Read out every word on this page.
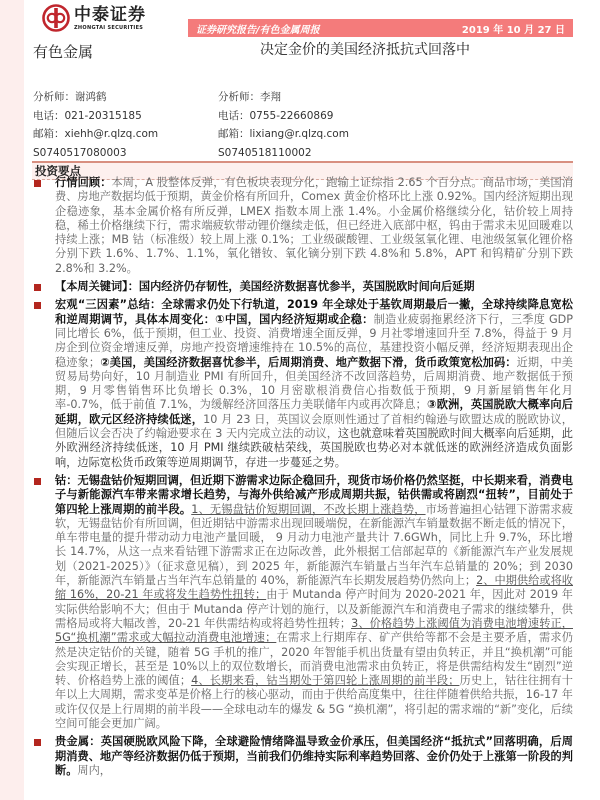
中泰证券
ZHONGTAI SECURITIES	证券研究报告/有色金属周报	2019 年 10 月 27 日
有色金属	决定金价的美国经济抵抗式回落中
分析师：谢鸿鹤	分析师：李翔
电话：021-20315185	电话：0755-22660869
邮箱：xiehh@r.qlzq.com	邮箱：lixiang@r.qlzq.com
S0740517080003	S0740518110002
投资要点
行情回顾：本周，A 股整体反弹，有色板块表现分化，跑输上证综指 2.65 个百分点。商品市场，美国消费、房地产数据均低于预期，黄金价格有所回升，Comex 黄金价格环比上涨 0.92%。国内经济短期出现企稳迹象，基本金属价格有所反弹，LMEX 指数本周上涨 1.4%。小金属价格继续分化，钴价较上周持稳，稀土价格继续下行，需求端疲软带动锂价继续走低，但已经进入底部中枢，钨由于需求未见回暖难以持续上涨；MB 钴（标准级）较上周上涨 0.1%；工业级碳酸锂、工业级氢氧化锂、电池级氢氧化锂价格分别下跌 1.6%、1.7%、1.1%，氧化镨钕、氧化镝分别下跌 4.8%和 5.8%，APT 和钨精矿分别下跌 2.8%和 3.2%。
【本周关键词】：国内经济仍存韧性，美国经济数据喜忧参半，英国脱欧时间向后延期
宏观“三因素”总结：全球需求仍处下行轨道，2019 年全球处于基钦周期最后一撇，全球持续降息宽松和逆周期调节，具体本周变化：①中国，国内经济短期或企稳：制造业疲弱拖累经济下行，三季度 GDP 同比增长 6%，低于预期，但工业、投资、消费增速全面反弹，9 月社零增速回升至 7.8%，得益于 9 月房企到位资金增速反弹，房地产投资增速维持在 10.5%的高位，基建投资小幅反弹，经济短期表现出企稳迹象；②美国，美国经济数据喜忧参半，后周期消费、地产数据下滑，货币政策宽松加码：近期，中美贸易局势向好，10 月制造业 PMI 有所回升，但美国经济不改回落趋势，后周期消费、地产数据低于预期，9 月零售销售环比负增长 0.3%，10 月密歇根消费信心指数低于预期，9 月新屋销售年化月率-0.7%，低于前值 7.1%，为缓解经济回落压力美联储年内或再次降息；③欧洲，英国脱欧大概率向后延期，欧元区经济持续低迷，10 月 23 日，英国议会原则性通过了首相约翰逊与欧盟达成的脱欧协议，但随后议会否决了约翰逊要求在 3 天内完成立法的动议，这也就意味着英国脱欧时间大概率向后延期，此外欧洲经济持续低迷，10 月 PMI 继续跌破枯荣线，英国脱欧也势必对本就低迷的欧洲经济造成负面影响，边际宽松货币政策等逆周期调节，存进一步蔓延之势。
钴：无锡盘钴价短期回调，但近期下游需求边际企稳回升，现货市场价格仍然坚挺，中长期来看，消费电子与新能源汽车带来需求增长趋势，与海外供给减产形成周期共振，钴供需或将剧烈“扭转”，目前处于第四轮上涨周期的前半段。1、无锡盘钴价短期回调，不改长期上涨趋势，市场普遍担心钴锂下游需求疲软，无锡盘钴价有所回调，但近期钴中游需求出现回暖端倪，在新能源汽车销量数据不断走低的情况下，单车带电量的提升带动动力电池产量回暖， 9 月动力电池产量共计 7.6GWh，同比上升 9.7%，环比增长 14.7%，从这一点来看钴锂下游需求正在边际改善，此外根据工信部起草的《新能源汽车产业发展规划（2021-2025）》（征求意见稿），到 2025 年，新能源汽车销量占当年汽车总销量的 20%；到 2030 年，新能源汽车销量占当年汽车总销量的 40%，新能源汽车长期发展趋势仍然向上；2、中期供给或将收缩 16%，20-21 年或将发生趋势性扭转；由于 Mutanda 停产时间为 2020-2021 年，因此对 2019 年实际供给影响不大；但由于 Mutanda 停产计划的施行，以及新能源汽车和消费电子需求的继续攀升，供需格局或将大幅改善，20-21 年供需结构或将趋势性扭转；3、价格趋势上涨阈值为消费电池增速转正，5G“换机潮”需求或大幅拉动消费电池增速；在需求上行期库存、矿产供给等都不会是主要矛盾，需求仍然是决定钴价的关键，随着 5G 手机的推广，2020 年智能手机出货量有望由负转正，并且“换机潮”可能会实现正增长，甚至是 10%以上的双位数增长，而消费电池需求由负转正，将是供需结构发生“剧烈”逆转、价格趋势上涨的阈值；4、长期来看，钴当期处于第四轮上涨周期的前半段；历史上，钴往往拥有十年以上大周期，需求变革是价格上行的核心驱动，而由于供给高度集中，往往伴随着供给共振，16-17 年或许仅仅是上行周期的前半段——全球电动车的爆发 & 5G “换机潮”，将引起的需求端的“新”变化，后续空间可能会更加广阔。
贵金属：英国硬脱欧风险下降，全球避险情绪降温导致金价承压，但美国经济“抵抗式”回落明确，后周期消费、地产等经济数据仍低于预期，当前我们仍维持实际利率趋势回落、金价仍处于上涨第一阶段的判断。周内，
